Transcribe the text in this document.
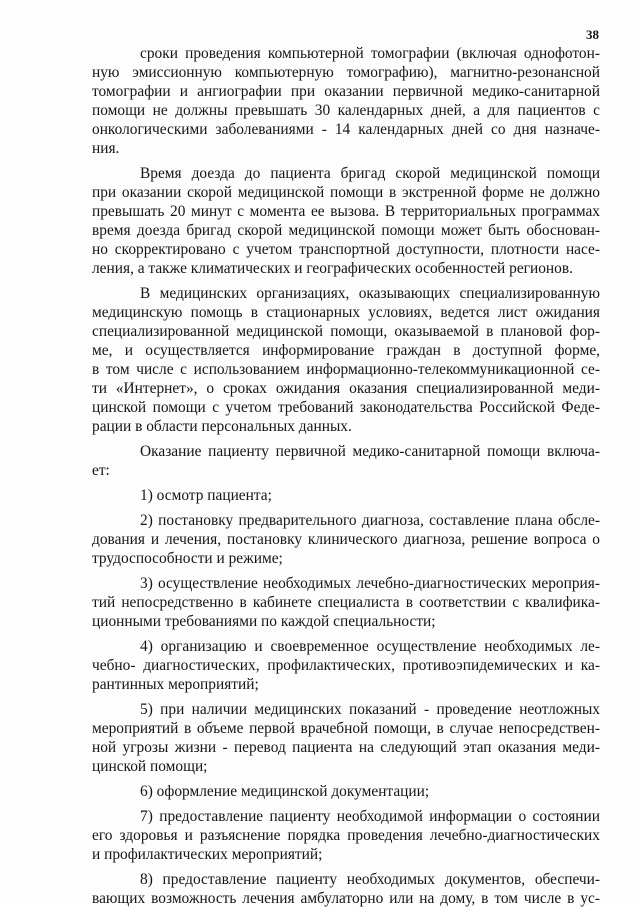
38
сроки проведения компьютерной томографии (включая однофотон-
ную эмиссионную компьютерную томографию), магнитно-резонансной
томографии и ангиографии при оказании первичной медико-санитарной
помощи не должны превышать 30 календарных дней, а для пациентов с
онкологическими заболеваниями - 14 календарных дней со дня назначе-
ния.
Время доезда до пациента бригад скорой медицинской помощи
при оказании скорой медицинской помощи в экстренной форме не должно
превышать 20 минут с момента ее вызова. В территориальных программах
время доезда бригад скорой медицинской помощи может быть обоснован-
но скорректировано с учетом транспортной доступности, плотности насе-
ления, а также климатических и географических особенностей регионов.
В медицинских организациях, оказывающих специализированную
медицинскую помощь в стационарных условиях, ведется лист ожидания
специализированной медицинской помощи, оказываемой в плановой фор-
ме, и осуществляется информирование граждан в доступной форме,
в том числе с использованием информационно-телекоммуникационной се-
ти «Интернет», о сроках ожидания оказания специализированной меди-
цинской помощи с учетом требований законодательства Российской Феде-
рации в области персональных данных.
Оказание пациенту первичной медико-санитарной помощи включа-
ет:
1) осмотр пациента;
2) постановку предварительного диагноза, составление плана обсле-
дования и лечения, постановку клинического диагноза, решение вопроса о
трудоспособности и режиме;
3) осуществление необходимых лечебно-диагностических мероприя-
тий непосредственно в кабинете специалиста в соответствии с квалифика-
ционными требованиями по каждой специальности;
4) организацию и своевременное осуществление необходимых ле-
чебно- диагностических, профилактических, противоэпидемических и ка-
рантинных мероприятий;
5) при наличии медицинских показаний - проведение неотложных
мероприятий в объеме первой врачебной помощи, в случае непосредствен-
ной угрозы жизни - перевод пациента на следующий этап оказания меди-
цинской помощи;
6) оформление медицинской документации;
7) предоставление пациенту необходимой информации о состоянии
его здоровья и разъяснение порядка проведения лечебно-диагностических
и профилактических мероприятий;
8) предоставление пациенту необходимых документов, обеспечи-
вающих возможность лечения амбулаторно или на дому, в том числе в ус-
